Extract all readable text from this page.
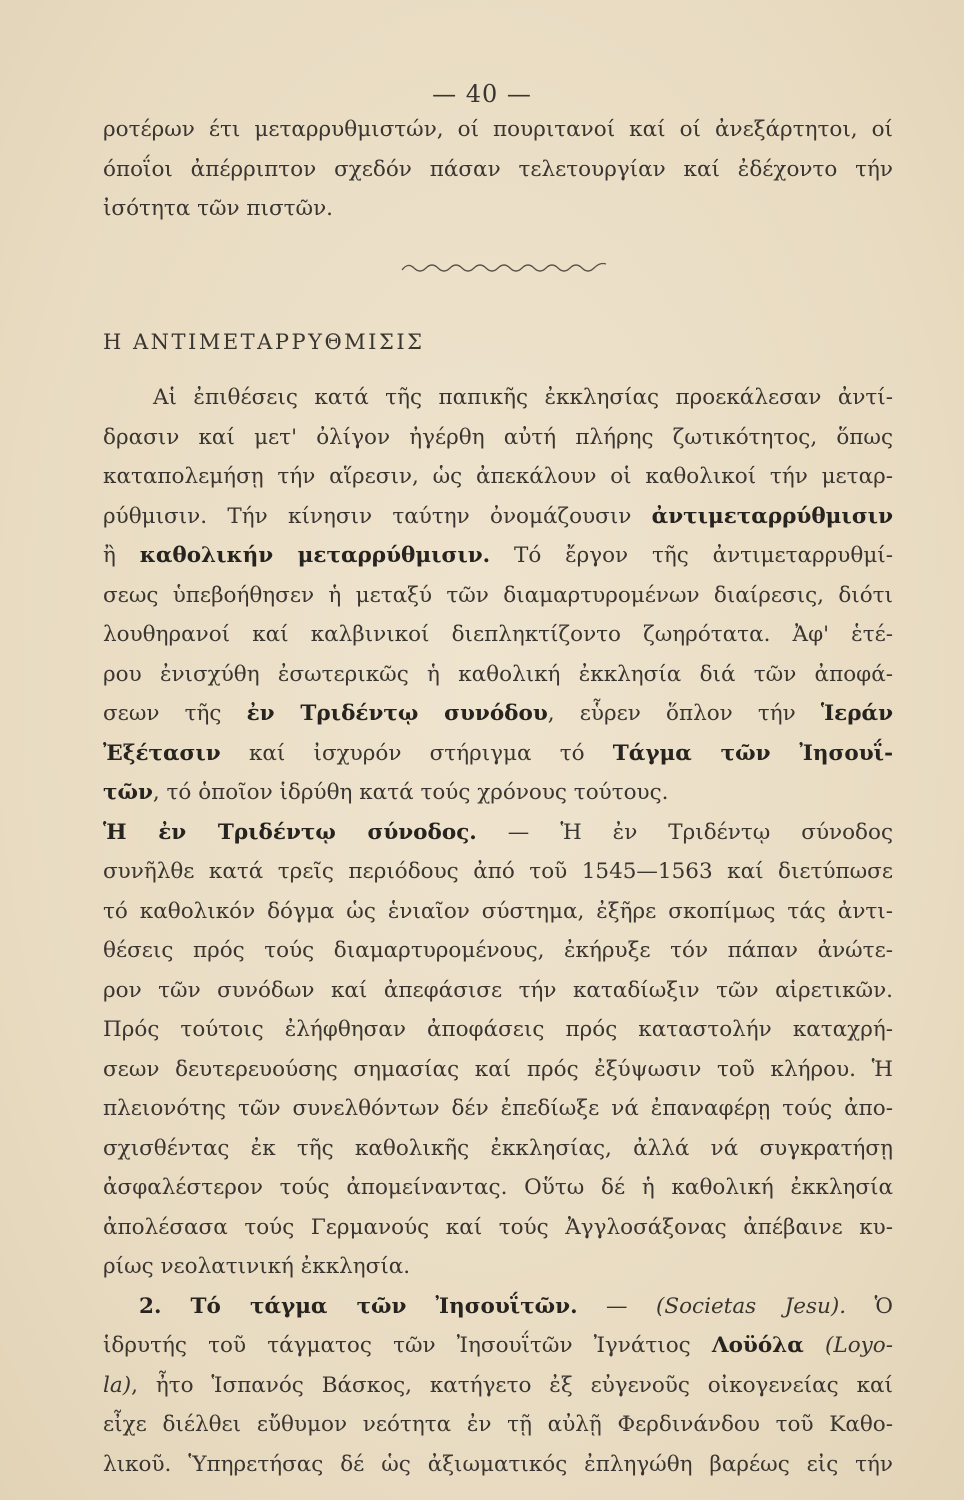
— 40 —
ροτέρων έτι μεταρρυθμιστών, οί πουριτανοί καί οί ἀνεξάρτητοι, οί
όποΐοι ἀπέρριπτον σχεδόν πάσαν τελετουργίαν καί ἐδέχοντο τήν
ἰσότητα τῶν πιστῶν.
Η ΑΝΤΙΜΕΤΑΡΡΥΘΜΙΣΙΣ
Αἱ ἐπιθέσεις κατά τῆς παπικῆς ἐκκλησίας προεκάλεσαν ἀντί-
δρασιν καί μετ' ὀλίγον ἠγέρθη αὐτή πλήρης ζωτικότητος, ὅπως
καταπολεμήσῃ τήν αἵρεσιν, ὡς ἀπεκάλουν οἱ καθολικοί τήν μεταρ-
ρύθμισιν. Τήν κίνησιν ταύτην ὀνομάζουσιν ἀντιμεταρρύθμισιν
ἢ καθολικήν μεταρρύθμισιν. Τό ἔργον τῆς ἀντιμεταρρυθμί-
σεως ὑπεβοήθησεν ἡ μεταξύ τῶν διαμαρτυρομένων διαίρεσις, διότι
λουθηρανοί καί καλβινικοί διεπληκτίζοντο ζωηρότατα. Ἀφ' ἑτέ-
ρου ἐνισχύθη ἐσωτερικῶς ἡ καθολική ἐκκλησία διά τῶν ἀποφά-
σεων τῆς ἐν Τριδέντῳ συνόδου, εὗρεν ὅπλον τήν Ἱεράν
Ἐξέτασιν καί ἰσχυρόν στήριγμα τό Τάγμα τῶν Ἰησουΐ-
τῶν, τό ὁποῖον ἱδρύθη κατά τούς χρόνους τούτους.
Ἡ ἐν Τριδέντῳ σύνοδος. — Ἡ ἐν Τριδέντῳ σύνοδος
συνῆλθε κατά τρεῖς περιόδους ἀπό τοῦ 1545—1563 καί διετύπωσε
τό καθολικόν δόγμα ὡς ἑνιαῖον σύστημα, ἐξῆρε σκοπίμως τάς ἀντι-
θέσεις πρός τούς διαμαρτυρομένους, ἐκήρυξε τόν πάπαν ἀνώτε-
ρον τῶν συνόδων καί ἀπεφάσισε τήν καταδίωξιν τῶν αἱρετικῶν.
Πρός τούτοις ἐλήφθησαν ἀποφάσεις πρός καταστολήν καταχρή-
σεων δευτερευούσης σημασίας καί πρός ἐξύψωσιν τοῦ κλήρου. Ἡ
πλειονότης τῶν συνελθόντων δέν ἐπεδίωξε νά ἐπαναφέρῃ τούς ἀπο-
σχισθέντας ἐκ τῆς καθολικῆς ἐκκλησίας, ἀλλά νά συγκρατήσῃ
ἀσφαλέστερον τούς ἀπομείναντας. Οὕτω δέ ἡ καθολική ἐκκλησία
ἀπολέσασα τούς Γερμανούς καί τούς Ἀγγλοσάξονας ἀπέβαινε κυ-
ρίως νεολατινική ἐκκλησία.
2. Τό τάγμα τῶν Ἰησουΐτῶν. — (Societas Jesu). Ὁ
ἱδρυτής τοῦ τάγματος τῶν Ἰησουΐτῶν Ἰγνάτιος Λοϋόλα (Loyo-
la), ἦτο Ἱσπανός Βάσκος, κατήγετο ἐξ εὐγενοῦς οἰκογενείας καί
εἶχε διέλθει εὔθυμον νεότητα ἐν τῇ αὐλῇ Φερδινάνδου τοῦ Καθο-
λικοῦ. Ὑπηρετήσας δέ ὡς ἀξιωματικός ἐπληγώθη βαρέως εἰς τήν
